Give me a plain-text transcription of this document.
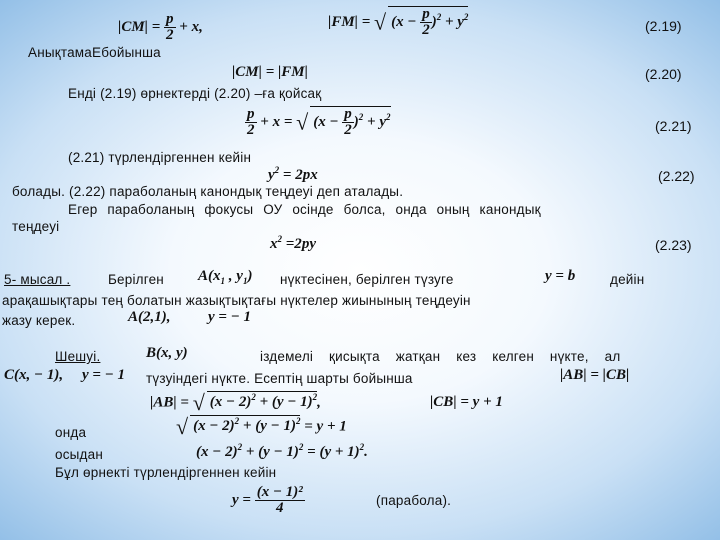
$|CM| = \frac{p}{2} + x$,	|FM| = √ $(x - \frac{p}{2} )^2 + y^2$
(2.19)
АнықтамаEбойынша
|CM| = |FM|	(2.20)
Енді (2.19) өрнектерді (2.20) –ға қойсақ
$\frac{p}{2} + x$ = √ $(x - \frac{p}{2} )^2 + y^2$
(2.21)
(2.21) түрлендіргеннен кейін
$y^2 = 2px$	(2.22)
болады. (2.22) параболаның канондық теңдеуі деп аталады.
Егер параболаның фокусы ОУ осінде болса, онда оның канондық
теңдеуі
$x^2 =2py$	(2.23)
5- мысал .	Берілген $A(x_1$ , $y_1$) нүктесінен, берілген түзуге	y = b	дейін
арақашықтары тең болатын жазықтықтағы нүктелер жиынының теңдеуін
жазу керек.	A(2,1),	y = − 1
Шешуі.	B(x, y)	іздемелі қисықта жатқан кез келген нүкте, ал
C(x, − 1), y = − 1 түзуіндегі нүкте. Есептің шарты бойынша	|AB| = |CB|
|AB| = √ $(x - 2)^2 + (y - 1)^2$,	|CB| = y + 1
онда	√ $(x - 2)^2 + (y - 1)^2 = y + 1$
осыдан	$(x - 2)^2 + (y - 1)^2 = (y + 1)^2$.
Бұл өрнекті түрлендіргеннен кейін
$y = \frac{\text{(x − 1)²}}{4}$	(парабола).
